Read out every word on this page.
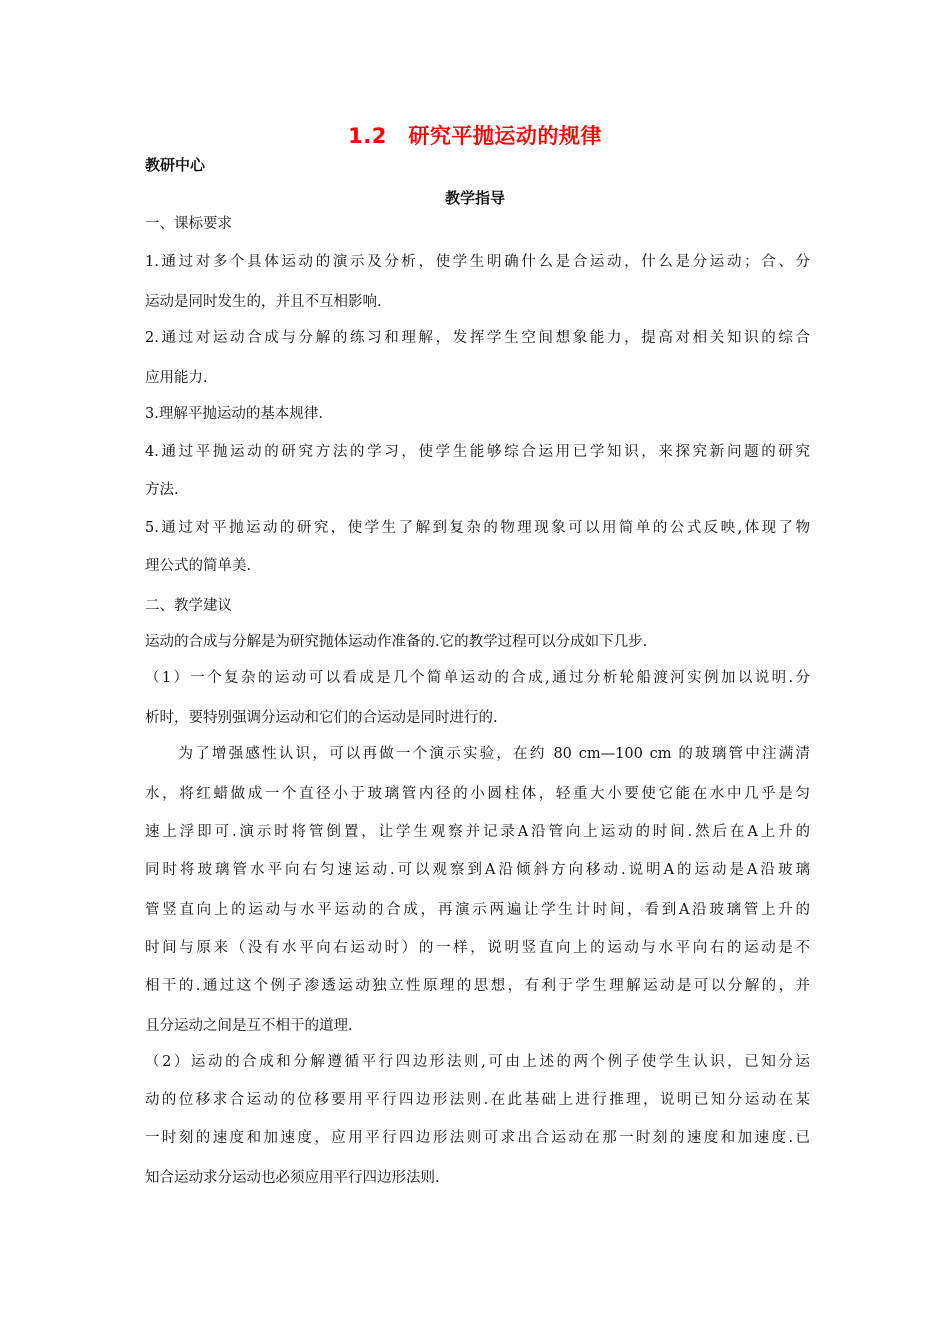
1.2　研究平抛运动的规律
教研中心
教学指导
一、课标要求
1.通过对多个具体运动的演示及分析，使学生明确什么是合运动，什么是分运动；合、分
运动是同时发生的，并且不互相影响.
2.通过对运动合成与分解的练习和理解，发挥学生空间想象能力，提高对相关知识的综合
应用能力.
3.理解平抛运动的基本规律.
4.通过平抛运动的研究方法的学习，使学生能够综合运用已学知识，来探究新问题的研究
方法.
5.通过对平抛运动的研究，使学生了解到复杂的物理现象可以用简单的公式反映,体现了物
理公式的简单美.
二、教学建议
运动的合成与分解是为研究抛体运动作准备的.它的教学过程可以分成如下几步.
（1）一个复杂的运动可以看成是几个简单运动的合成,通过分析轮船渡河实例加以说明.分
析时，要特别强调分运动和它们的合运动是同时进行的.
　　为了增强感性认识，可以再做一个演示实验，在约 80 cm—100 cm 的玻璃管中注满清
水，将红蜡做成一个直径小于玻璃管内径的小圆柱体，轻重大小要使它能在水中几乎是匀
速上浮即可.演示时将管倒置，让学生观察并记录A沿管向上运动的时间.然后在A上升的
同时将玻璃管水平向右匀速运动.可以观察到A沿倾斜方向移动.说明A的运动是A沿玻璃
管竖直向上的运动与水平运动的合成，再演示两遍让学生计时间，看到A沿玻璃管上升的
时间与原来（没有水平向右运动时）的一样，说明竖直向上的运动与水平向右的运动是不
相干的.通过这个例子渗透运动独立性原理的思想，有利于学生理解运动是可以分解的，并
且分运动之间是互不相干的道理.
（2）运动的合成和分解遵循平行四边形法则,可由上述的两个例子使学生认识，已知分运
动的位移求合运动的位移要用平行四边形法则.在此基础上进行推理，说明已知分运动在某
一时刻的速度和加速度，应用平行四边形法则可求出合运动在那一时刻的速度和加速度.已
知合运动求分运动也必须应用平行四边形法则.
